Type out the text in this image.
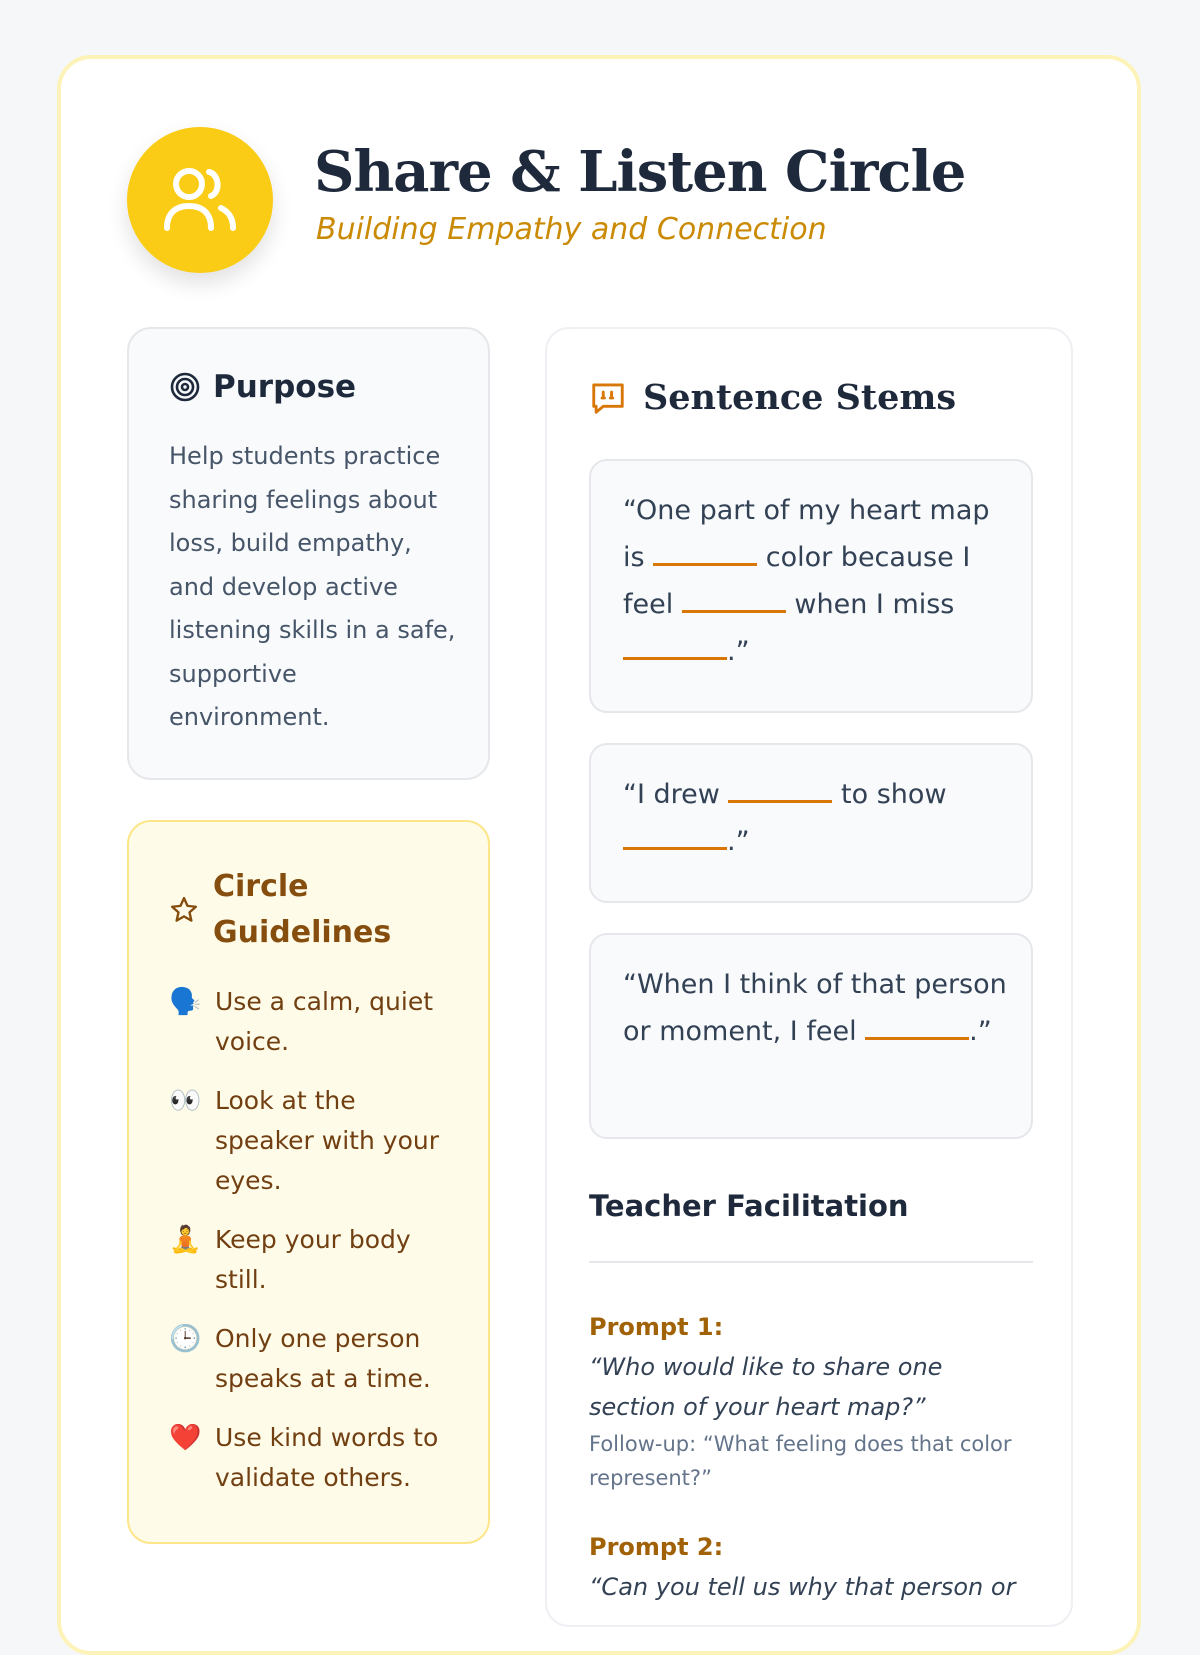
Share & Listen Circle

Building Empathy and Connection

Purpose

Help students practice sharing feelings about loss, build empathy, and develop active listening skills in a safe, supportive environment.

Circle Guidelines
🗣️ Use a calm, quiet voice.
👀 Look at the speaker with your eyes.
🧘 Keep your body still.
🕒 Only one person speaks at a time.
❤️ Use kind words to validate others.
Sentence Stems
“One part of my heart map is	color because I feel	when I miss .”
“I drew	to show .”
“When I think of that person or moment, I feel	.”
Teacher Facilitation
Prompt 1:
“Who would like to share one section of your heart map?”
Follow-up: “What feeling does that color represent?”
Prompt 2:
“Can you tell us why that person or
